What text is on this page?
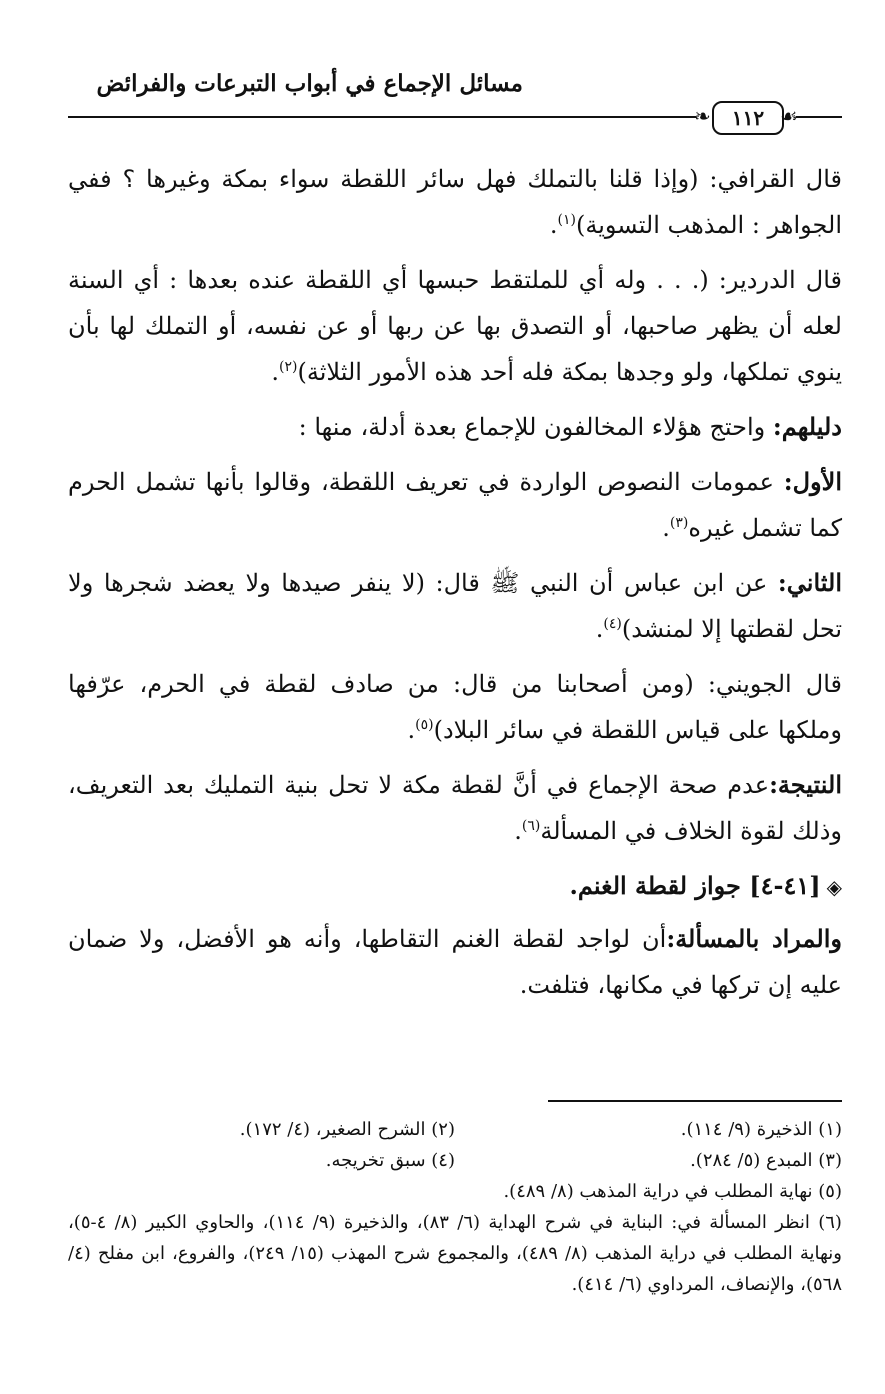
مسائل الإجماع في أبواب التبرعات والفرائض
❧ ١١٢ ☙

قال القرافي: (وإذا قلنا بالتملك فهل سائر اللقطة سواء بمكة وغيرها ؟ ففي الجواهر : المذهب التسوية)$^{(١)}$.

قال الدردير: (. . . وله أي للملتقط حبسها أي اللقطة عنده بعدها : أي السنة لعله أن يظهر صاحبها، أو التصدق بها عن ربها أو عن نفسه، أو التملك لها بأن ينوي تملكها، ولو وجدها بمكة فله أحد هذه الأمور الثلاثة)$^{(٢)}$.

دليلهم: واحتج هؤلاء المخالفون للإجماع بعدة أدلة، منها :

الأول: عمومات النصوص الواردة في تعريف اللقطة، وقالوا بأنها تشمل الحرم كما تشمل غيره$^{(٣)}$.

الثاني: عن ابن عباس أن النبي ﷺ قال: (لا ينفر صيدها ولا يعضد شجرها ولا تحل لقطتها إلا لمنشد)$^{(٤)}$.

قال الجويني: (ومن أصحابنا من قال: من صادف لقطة في الحرم، عرّفها وملكها على قياس اللقطة في سائر البلاد)$^{(٥)}$.

النتيجة:عدم صحة الإجماع في أنَّ لقطة مكة لا تحل بنية التمليك بعد التعريف، وذلك لقوة الخلاف في المسألة$^{(٦)}$.

◈[٤١-٤] جواز لقطة الغنم.

والمراد بالمسألة:أن لواجد لقطة الغنم التقاطها، وأنه هو الأفضل، ولا ضمان عليه إن تركها في مكانها، فتلفت.

(١) الذخيرة (٩/ ١١٤).
(٢) الشرح الصغير، (٤/ ١٧٢).
(٣) المبدع (٥/ ٢٨٤).
(٤) سبق تخريجه.
(٥) نهاية المطلب في دراية المذهب (٨/ ٤٨٩).
(٦) انظر المسألة في: البناية في شرح الهداية (٦/ ٨٣)، والذخيرة (٩/ ١١٤)، والحاوي الكبير (٨/ ٤-٥)، ونهاية المطلب في دراية المذهب (٨/ ٤٨٩)، والمجموع شرح المهذب (١٥/ ٢٤٩)، والفروع، ابن مفلح (٤/ ٥٦٨)، والإنصاف، المرداوي (٦/ ٤١٤).
